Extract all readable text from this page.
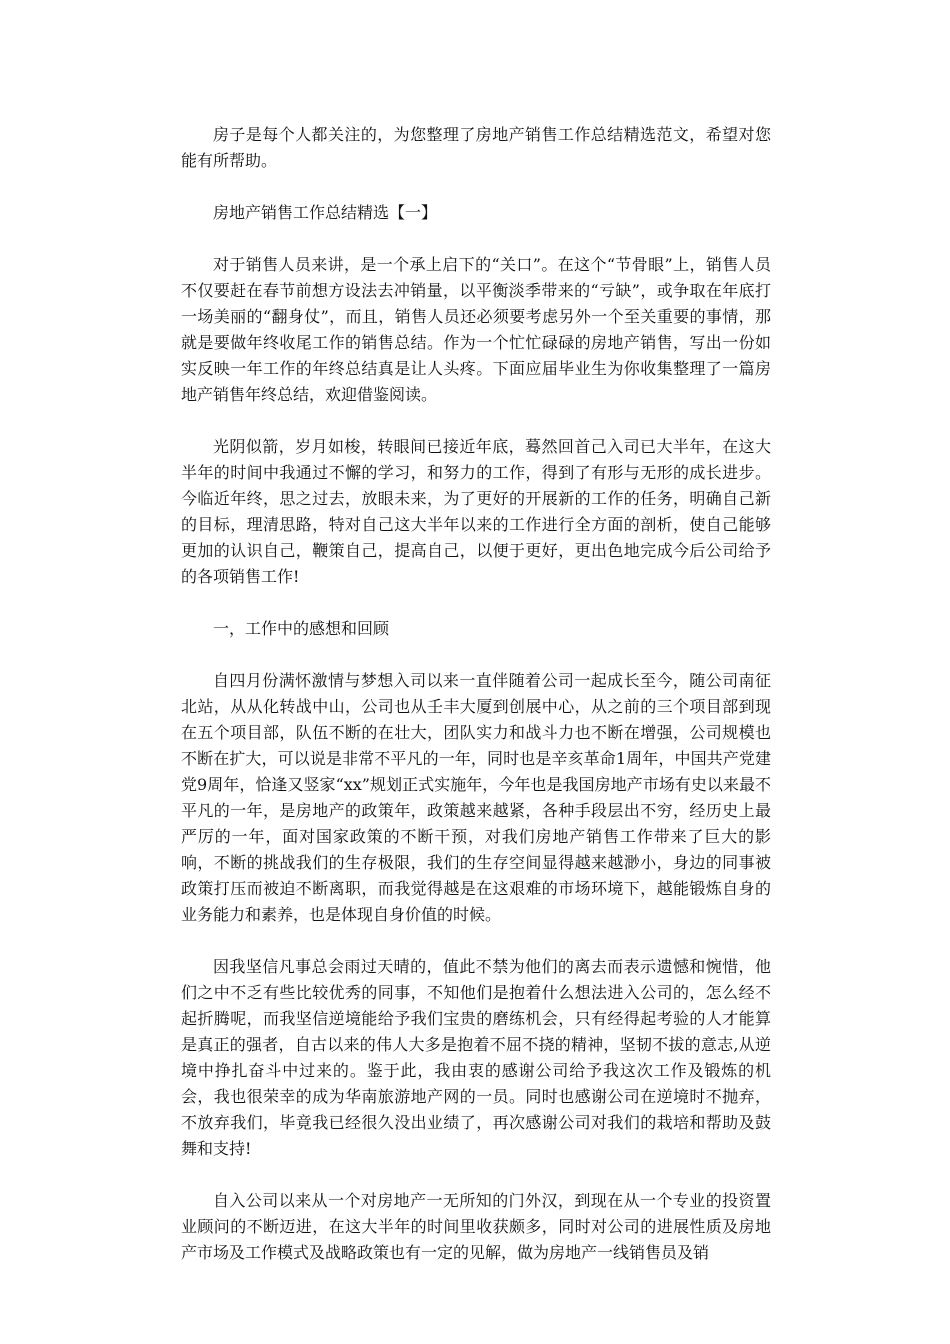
房子是每个人都关注的，为您整理了房地产销售工作总结精选范文，希望对您能有所帮助。

房地产销售工作总结精选【一】

对于销售人员来讲，是一个承上启下的“关口”。在这个“节骨眼”上，销售人员不仅要赶在春节前想方设法去冲销量，以平衡淡季带来的“亏缺”，或争取在年底打一场美丽的“翻身仗”，而且，销售人员还必须要考虑另外一个至关重要的事情，那就是要做年终收尾工作的销售总结。作为一个忙忙碌碌的房地产销售，写出一份如实反映一年工作的年终总结真是让人头疼。下面应届毕业生为你收集整理了一篇房地产销售年终总结，欢迎借鉴阅读。

光阴似箭，岁月如梭，转眼间已接近年底，蓦然回首己入司已大半年，在这大半年的时间中我通过不懈的学习，和努力的工作，得到了有形与无形的成长进步。今临近年终，思之过去，放眼未来，为了更好的开展新的工作的任务，明确自己新的目标，理清思路，特对自己这大半年以来的工作进行全方面的剖析，使自己能够更加的认识自己，鞭策自己，提高自己，以便于更好，更出色地完成今后公司给予的各项销售工作!

一，工作中的感想和回顾

自四月份满怀激情与梦想入司以来一直伴随着公司一起成长至今，随公司南征北站，从从化转战中山，公司也从壬丰大厦到创展中心，从之前的三个项目部到现在五个项目部，队伍不断的在壮大，团队实力和战斗力也不断在增强，公司规模也不断在扩大，可以说是非常不平凡的一年，同时也是辛亥革命1周年，中国共产党建党9周年，恰逢又竖家“xx”规划正式实施年，今年也是我国房地产市场有史以来最不平凡的一年，是房地产的政策年，政策越来越紧，各种手段层出不穷，经历史上最严厉的一年，面对国家政策的不断干预，对我们房地产销售工作带来了巨大的影响，不断的挑战我们的生存极限，我们的生存空间显得越来越渺小，身边的同事被政策打压而被迫不断离职，而我觉得越是在这艰难的市场环境下，越能锻炼自身的业务能力和素养，也是体现自身价值的时候。

因我坚信凡事总会雨过天晴的，值此不禁为他们的离去而表示遗憾和惋惜，他们之中不乏有些比较优秀的同事，不知他们是抱着什么想法进入公司的，怎么经不起折腾呢，而我坚信逆境能给予我们宝贵的磨练机会，只有经得起考验的人才能算是真正的强者，自古以来的伟人大多是抱着不屈不挠的精神，坚韧不拔的意志,从逆境中挣扎奋斗中过来的。鉴于此，我由衷的感谢公司给予我这次工作及锻炼的机会，我也很荣幸的成为华南旅游地产网的一员。同时也感谢公司在逆境时不抛弃，不放弃我们，毕竟我已经很久没出业绩了，再次感谢公司对我们的栽培和帮助及鼓舞和支持!

自入公司以来从一个对房地产一无所知的门外汉，到现在从一个专业的投资置业顾问的不断迈进，在这大半年的时间里收获颇多，同时对公司的进展性质及房地产市场及工作模式及战略政策也有一定的见解，做为房地产一线销售员及销
